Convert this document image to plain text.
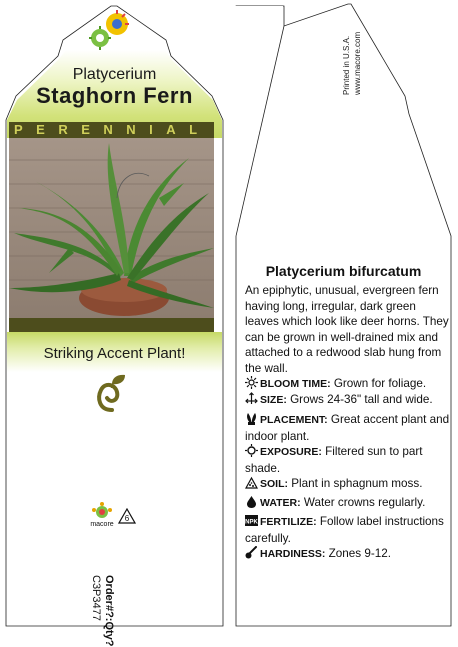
Platycerium
Staghorn Fern
PERENNIAL
Striking Accent Plant!
macore
6
Order#?:Qty?
C3P3477
Printed in U.S.A. www.macore.com
Platycerium bifurcatum
An epiphytic, unusual, evergreen fern having long, irregular, dark green leaves which look like deer horns. They can be grown in well-drained mix and attached to a redwood slab hung from the wall.
BLOOM TIME: Grown for foliage.
SIZE: Grows 24-36" tall and wide.
PLACEMENT: Great accent plant and indoor plant.
EXPOSURE: Filtered sun to part shade.
SOIL: Plant in sphagnum moss.
WATER: Water crowns regularly.
NPK FERTILIZE: Follow label instructions carefully.
HARDINESS: Zones 9-12.
